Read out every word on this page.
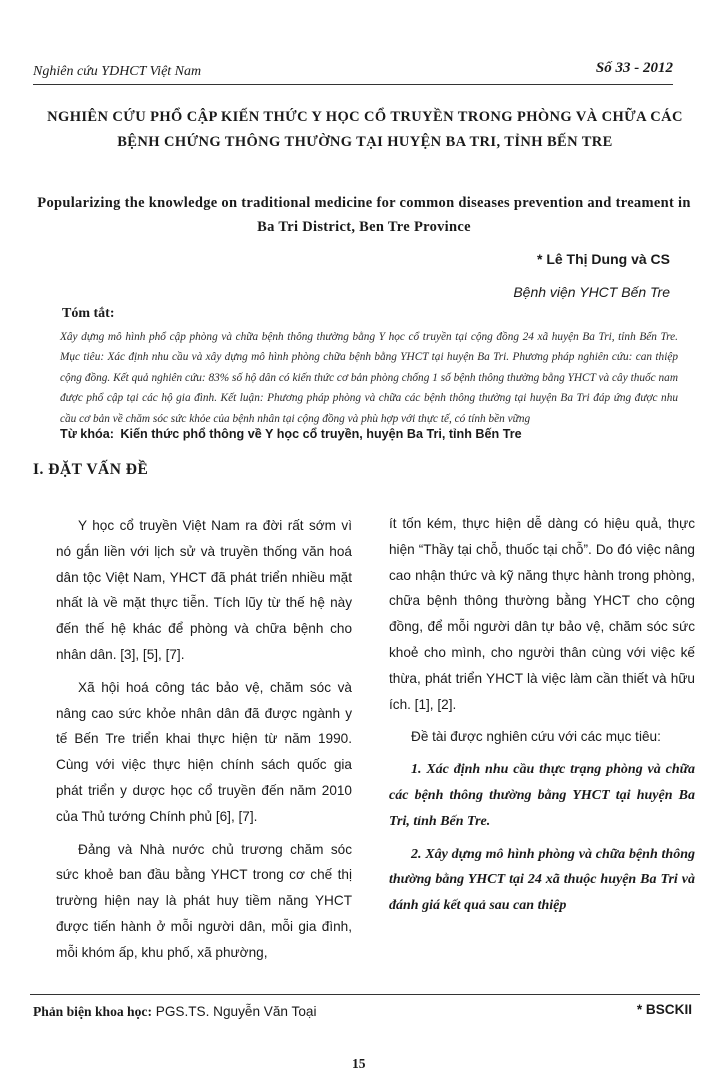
Nghiên cứu YDHCT Việt Nam	Số 33 - 2012
NGHIÊN CỨU PHỔ CẬP KIẾN THỨC Y HỌC CỔ TRUYỀN TRONG PHÒNG VÀ CHỮA CÁC BỆNH CHỨNG THÔNG THƯỜNG TẠI HUYỆN BA TRI, TỈNH BẾN TRE
Popularizing the knowledge on traditional medicine for common diseases prevention and treament in Ba Tri District, Ben Tre Province
* Lê Thị Dung và CS
Bệnh viện YHCT Bến Tre
Tóm tắt:
Xây dựng mô hình phổ cập phòng và chữa bệnh thông thường bằng Y học cổ truyền tại cộng đồng 24 xã huyện Ba Tri, tỉnh Bến Tre. Mục tiêu: Xác định nhu cầu và xây dựng mô hình phòng chữa bệnh bằng YHCT tại huyện Ba Tri. Phương pháp nghiên cứu: can thiệp cộng đồng. Kết quả nghiên cứu: 83% số hộ dân có kiến thức cơ bản phòng chống 1 số bệnh thông thường bằng YHCT và cây thuốc nam được phổ cập tại các hộ gia đình. Kết luận: Phương pháp phòng và chữa các bệnh thông thường tại huyện Ba Tri đáp ứng được nhu cầu cơ bản về chăm sóc sức khỏe của bệnh nhân tại cộng đồng và phù hợp với thực tế, có tính bền vững
Từ khóa: Kiến thức phổ thông về Y học cổ truyền, huyện Ba Tri, tỉnh Bến Tre
I. ĐẶT VẤN ĐỀ

Y học cổ truyền Việt Nam ra đời rất sớm vì nó gắn liền với lịch sử và truyền thống văn hoá dân tộc Việt Nam, YHCT đã phát triển nhiều mặt nhất là về mặt thực tiễn. Tích lũy từ thế hệ này đến thế hệ khác để phòng và chữa bệnh cho nhân dân. [3], [5], [7].

Xã hội hoá công tác bảo vệ, chăm sóc và nâng cao sức khỏe nhân dân đã được ngành y tế Bến Tre triển khai thực hiện từ năm 1990. Cùng với việc thực hiện chính sách quốc gia phát triển y dược học cổ truyền đến năm 2010 của Thủ tướng Chính phủ [6], [7].

Đảng và Nhà nước chủ trương chăm sóc sức khoẻ ban đầu bằng YHCT trong cơ chế thị trường hiện nay là phát huy tiềm năng YHCT được tiến hành ở mỗi người dân, mỗi gia đình, mỗi khóm ấp, khu phố, xã phường,

ít tốn kém, thực hiện dễ dàng có hiệu quả, thực hiện “Thầy tại chỗ, thuốc tại chỗ”. Do đó việc nâng cao nhận thức và kỹ năng thực hành trong phòng, chữa bệnh thông thường bằng YHCT cho cộng đồng, để mỗi người dân tự bảo vệ, chăm sóc sức khoẻ cho mình, cho người thân cùng với việc kế thừa, phát triển YHCT là việc làm cần thiết và hữu ích. [1], [2].

Đề tài được nghiên cứu với các mục tiêu:

1. Xác định nhu cầu thực trạng phòng và chữa các bệnh thông thường bằng YHCT tại huyện Ba Tri, tỉnh Bến Tre.

2. Xây dựng mô hình phòng và chữa bệnh thông thường bằng YHCT tại 24 xã thuộc huyện Ba Tri và đánh giá kết quả sau can thiệp

Phản biện khoa học: PGS.TS. Nguyễn Văn Toại	* BSCKII
15
